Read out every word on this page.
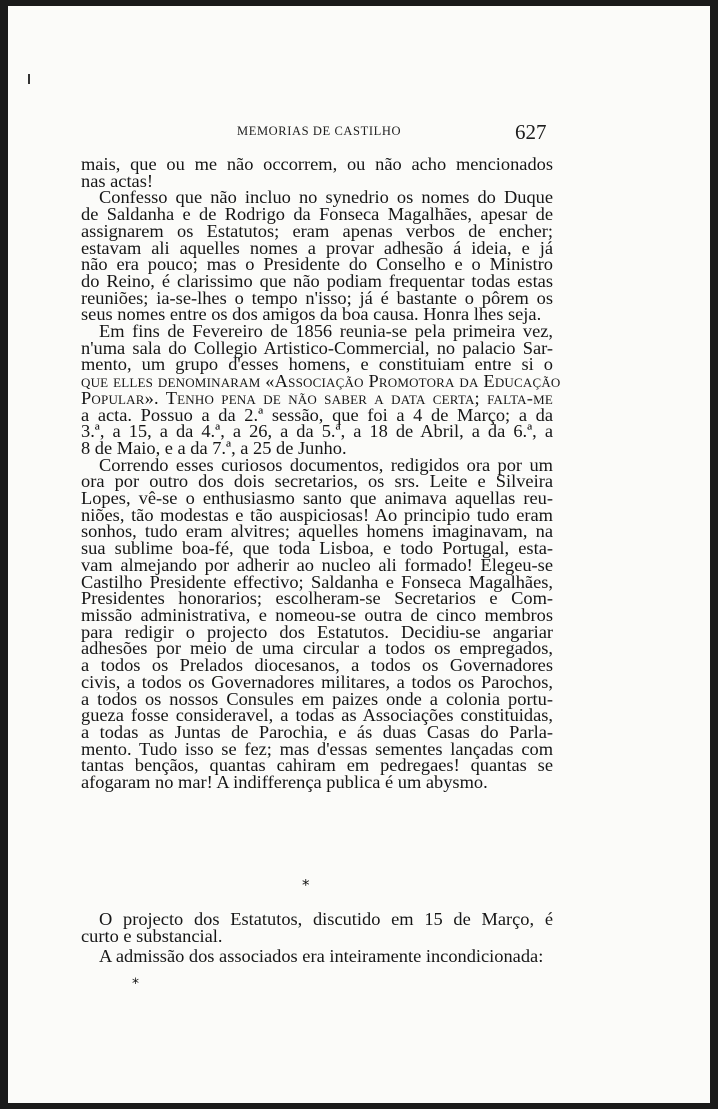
MEMORIAS DE CASTILHO	627
mais, que ou me não occorrem, ou não acho mencionados
nas actas!
Confesso que não incluo no synedrio os nomes do Duque
de Saldanha e de Rodrigo da Fonseca Magalhães, apesar de
assignarem os Estatutos; eram apenas verbos de encher;
estavam ali aquelles nomes a provar adhesão á ideia, e já
não era pouco; mas o Presidente do Conselho e o Ministro
do Reino, é clarissimo que não podiam frequentar todas estas
reuniões; ia-se-lhes o tempo n'isso; já é bastante o pôrem os
seus nomes entre os dos amigos da boa causa. Honra lhes seja.
Em fins de Fevereiro de 1856 reunia-se pela primeira vez,
n'uma sala do Collegio Artistico-Commercial, no palacio Sar-
mento, um grupo d'esses homens, e constituiam entre si o
que elles denominaram «Associação Promotora da Educação
Popular». Tenho pena de não saber a data certa; falta-me
a acta. Possuo a da 2.ª sessão, que foi a 4 de Março; a da
3.ª, a 15, a da 4.ª, a 26, a da 5.ª, a 18 de Abril, a da 6.ª, a
8 de Maio, e a da 7.ª, a 25 de Junho.
Correndo esses curiosos documentos, redigidos ora por um
ora por outro dos dois secretarios, os srs. Leite e Silveira
Lopes, vê-se o enthusiasmo santo que animava aquellas reu-
niões, tão modestas e tão auspiciosas! Ao principio tudo eram
sonhos, tudo eram alvitres; aquelles homens imaginavam, na
sua sublime boa-fé, que toda Lisboa, e todo Portugal, esta-
vam almejando por adherir ao nucleo ali formado! Elegeu-se
Castilho Presidente effectivo; Saldanha e Fonseca Magalhães,
Presidentes honorarios; escolheram-se Secretarios e Com-
missão administrativa, e nomeou-se outra de cinco membros
para redigir o projecto dos Estatutos. Decidiu-se angariar
adhesões por meio de uma circular a todos os empregados,
a todos os Prelados diocesanos, a todos os Governadores
civis, a todos os Governadores militares, a todos os Parochos,
a todos os nossos Consules em paizes onde a colonia portu-
gueza fosse consideravel, a todas as Associações constituidas,
a todas as Juntas de Parochia, e ás duas Casas do Parla-
mento. Tudo isso se fez; mas d'essas sementes lançadas com
tantas bençãos, quantas cahiram em pedregaes! quantas se
afogaram no mar! A indifferença publica é um abysmo.
*
O projecto dos Estatutos, discutido em 15 de Março, é
curto e substancial.
A admissão dos associados era inteiramente incondicionada:
*
